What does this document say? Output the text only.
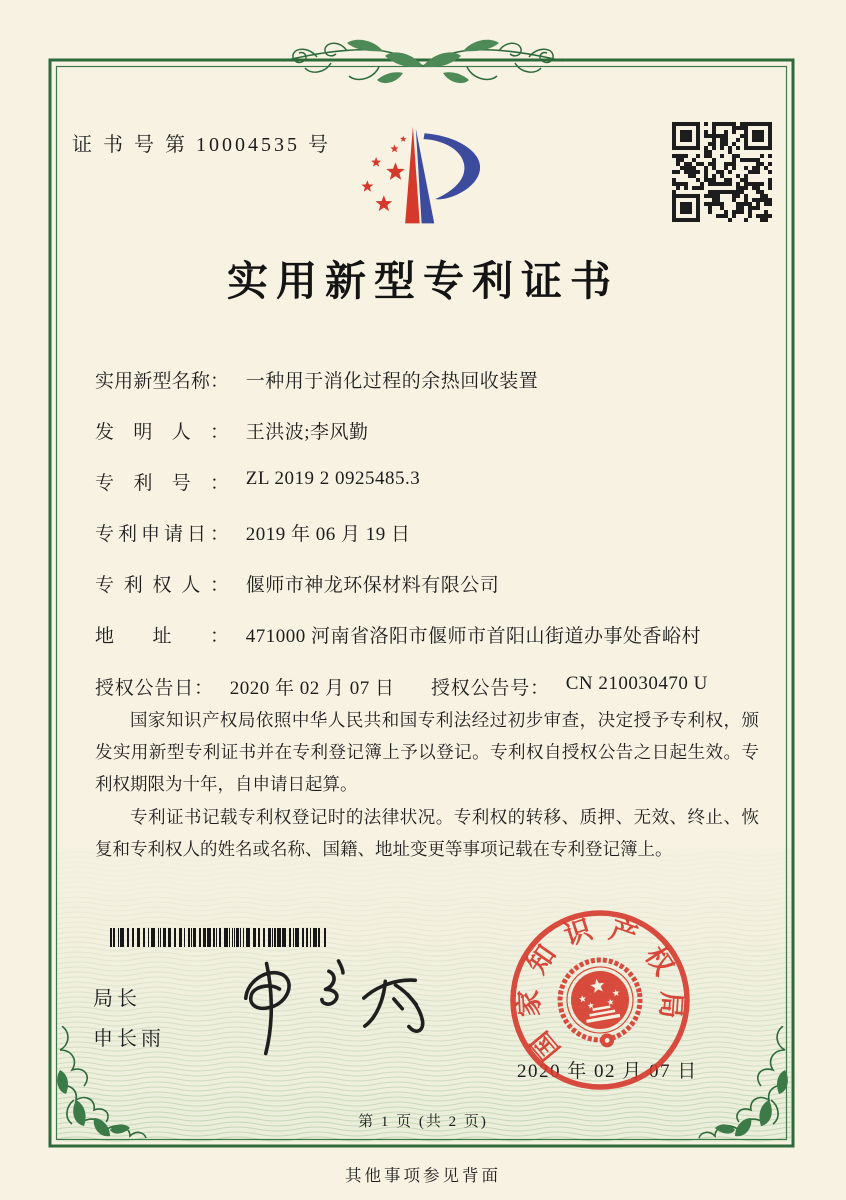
证 书 号 第 10004535 号
实用新型专利证书
实用新型名称： 一种用于消化过程的余热回收装置
发明人： 王洪波;李风勤
专利号： ZL 2019 2 0925485.3
专利申请日： 2019 年 06 月 19 日
专利权人： 偃师市神龙环保材料有限公司
地址： 471000 河南省洛阳市偃师市首阳山街道办事处香峪村
授权公告日： 2020 年 02 月 07 日 授权公告号： CN 210030470 U

国家知识产权局依照中华人民共和国专利法经过初步审查，决定授予专利权，颁发实用新型专利证书并在专利登记簿上予以登记。专利权自授权公告之日起生效。专利权期限为十年，自申请日起算。

专利证书记载专利权登记时的法律状况。专利权的转移、质押、无效、终止、恢复和专利权人的姓名或名称、国籍、地址变更等事项记载在专利登记簿上。

局长
申长雨
2020 年 02 月 07 日
国
家
知
识 产
权
局
第 1 页 (共 2 页)
其他事项参见背面
